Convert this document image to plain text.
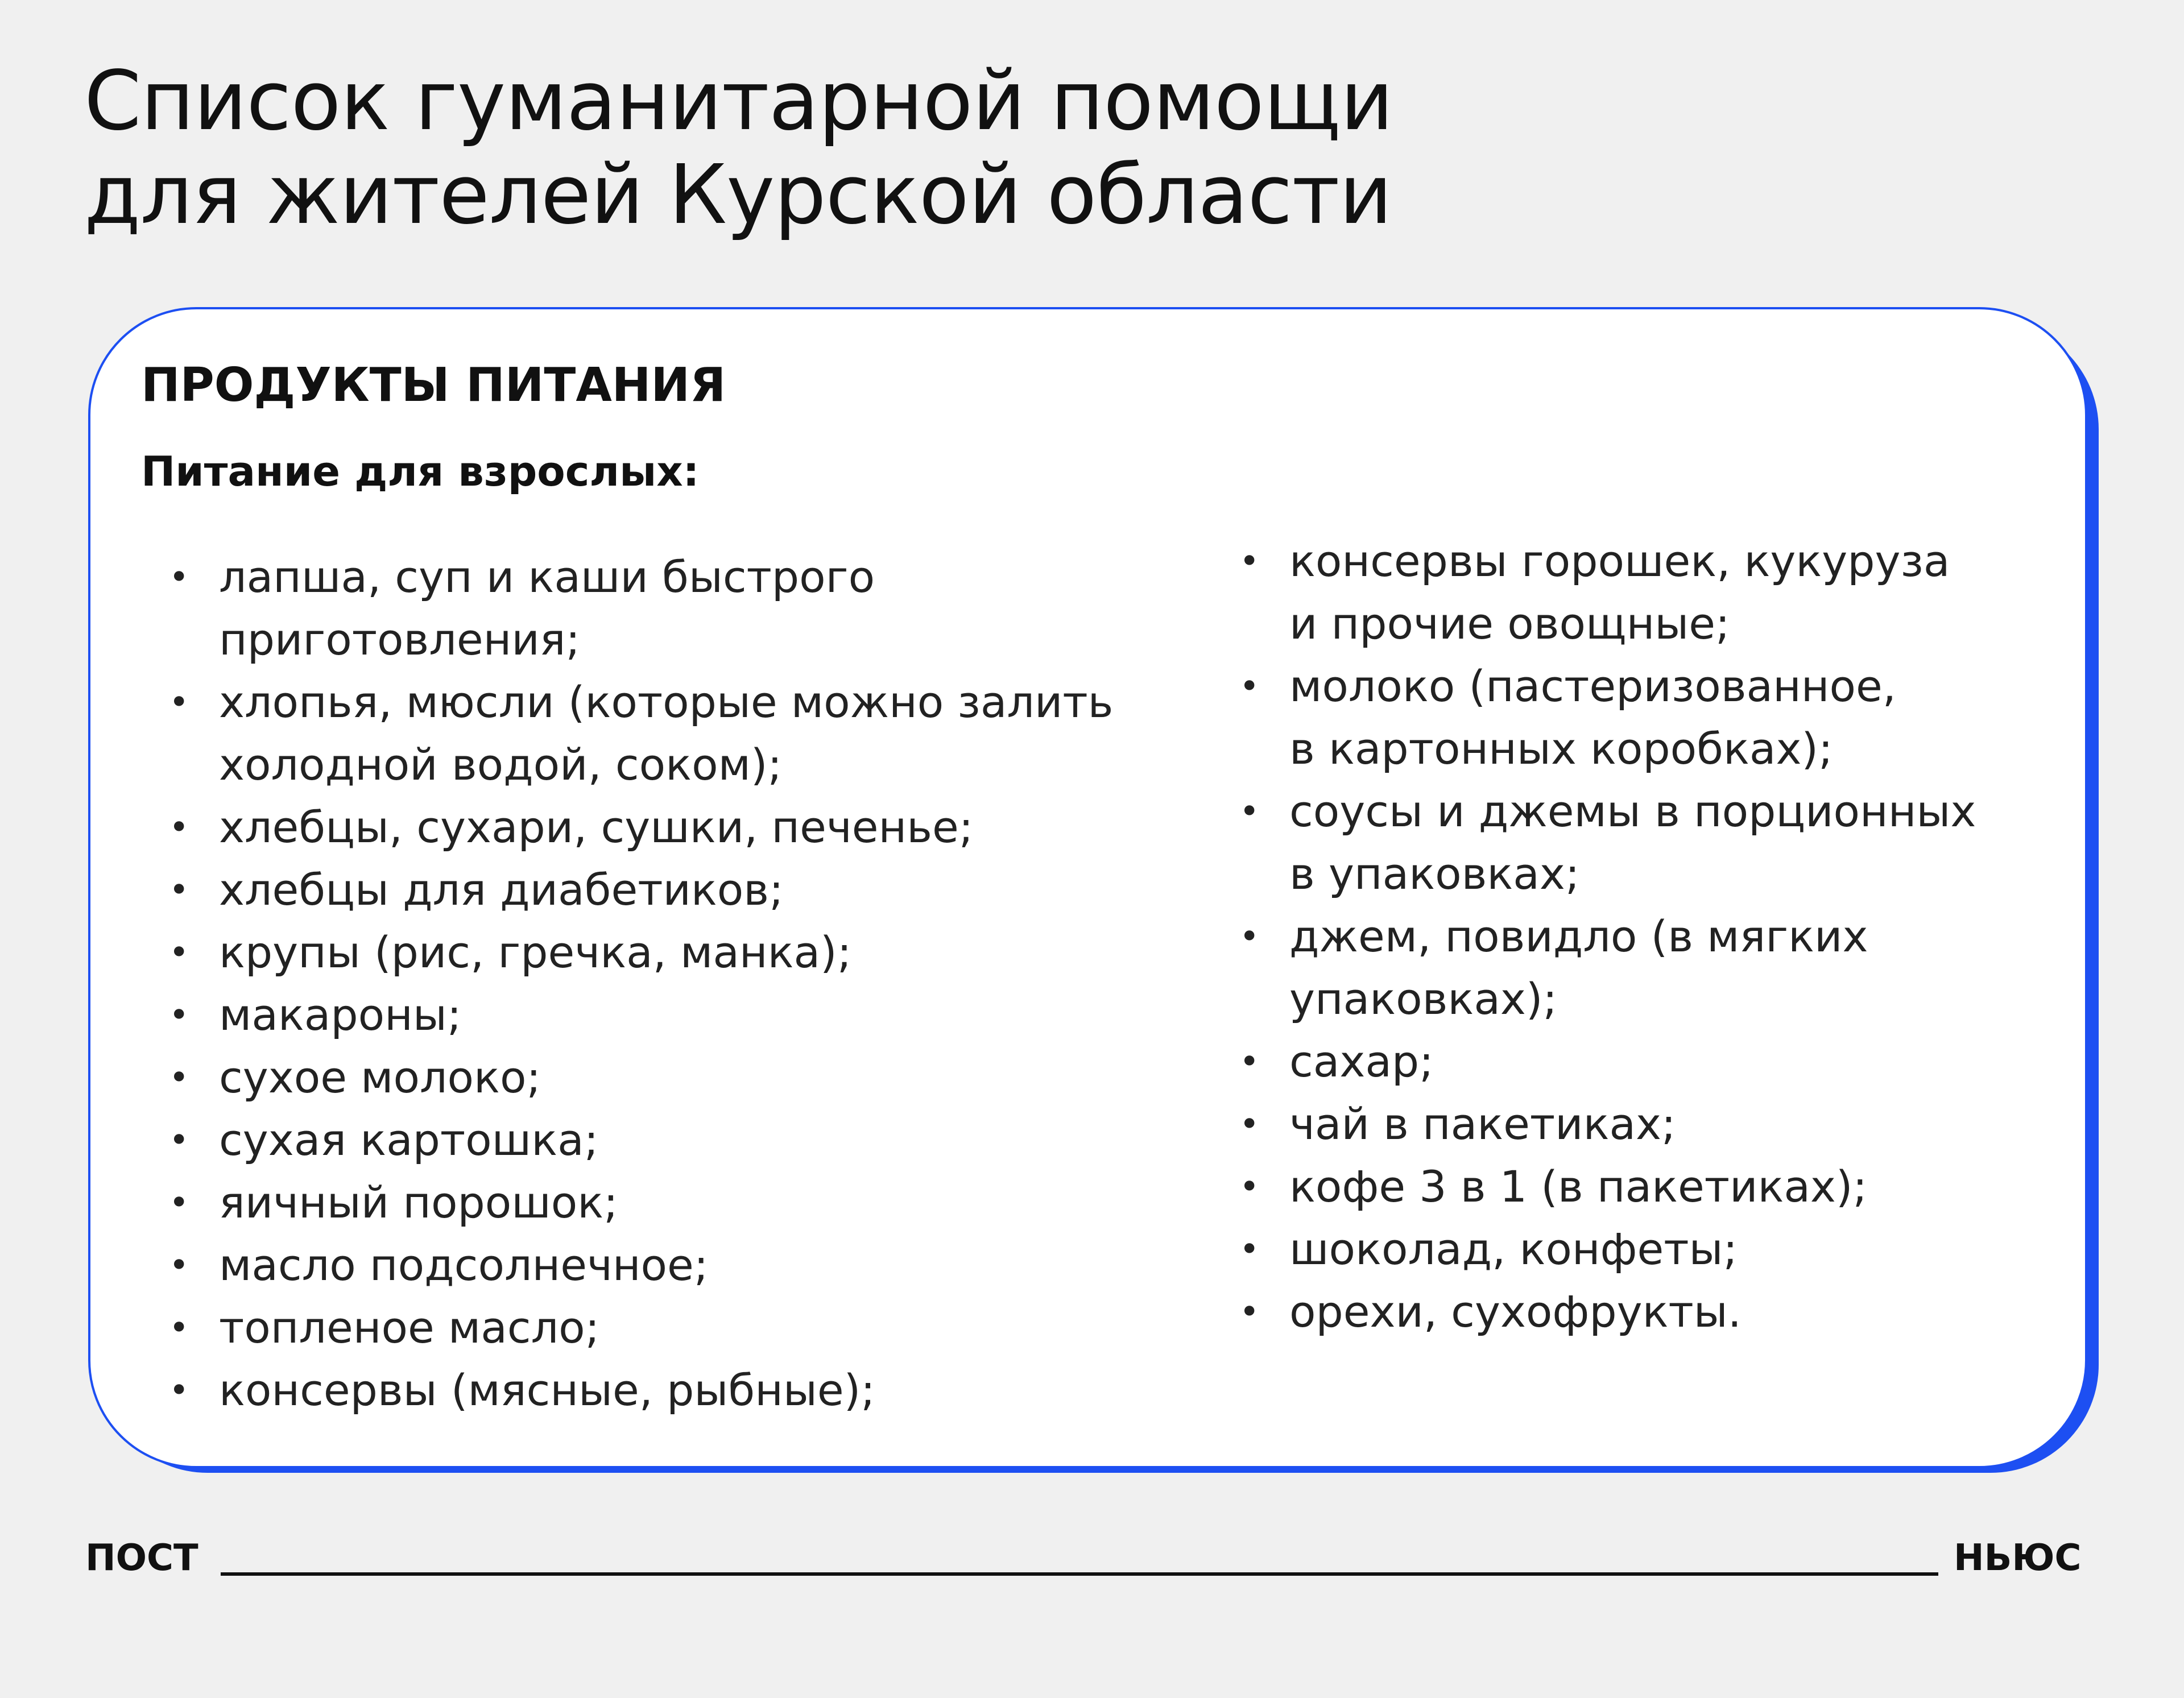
Список гуманитарной помощи
для жителей Курской области
ПРОДУКТЫ ПИТАНИЯ
Питание для взрослых:
• лапша, суп и каши быстрого
приготовления;
• хлопья, мюсли (которые можно залить
холодной водой, соком);
• хлебцы, сухари, сушки, печенье;
• хлебцы для диабетиков;
• крупы (рис, гречка, манка);
• макароны;
• сухое молоко;
• сухая картошка;
• яичный порошок;
• масло подсолнечное;
• топленое масло;
• консервы (мясные, рыбные);
• консервы горошек, кукуруза
и прочие овощные;
• молоко (пастеризованное,
в картонных коробках);
• соусы и джемы в порционных
в упаковках;
• джем, повидло (в мягких
упаковках);
• сахар;
• чай в пакетиках;
• кофе 3 в 1 (в пакетиках);
• шоколад, конфеты;
• орехи, сухофрукты.
ПОСТ	НЬЮС
